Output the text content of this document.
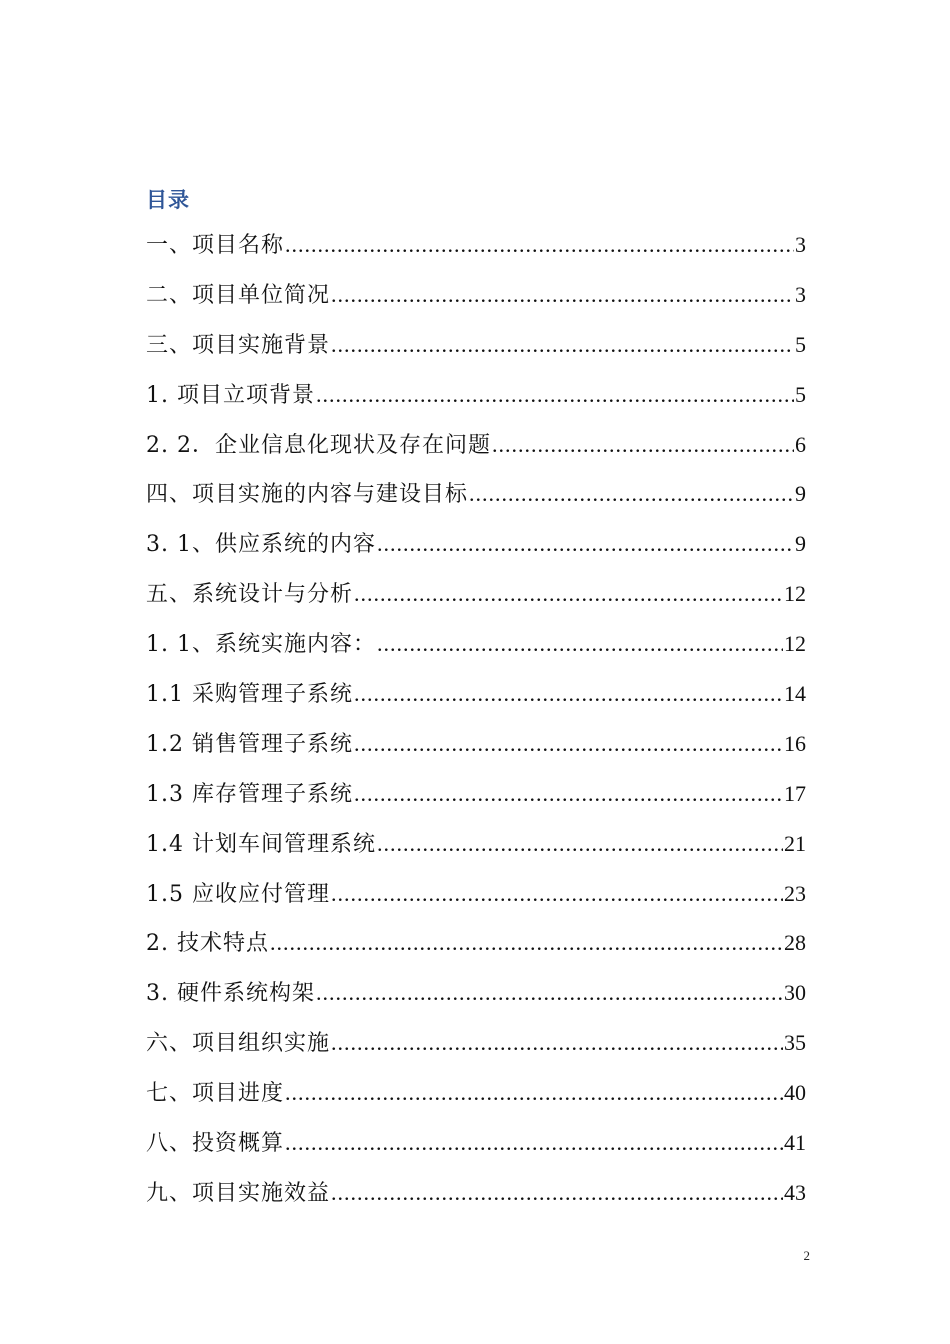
目录
一、项目名称 .....	3
二、项目单位简况 .....	3
三、项目实施背景 .....	5
1. 项目立项背景 .....	5
2. 2．企业信息化现状及存在问题 .....	6
四、项目实施的内容与建设目标 .....	9
3. 1、供应系统的内容 .....	9
五、系统设计与分析 .....	12
1. 1、系统实施内容： .....	12
1.1 采购管理子系统 .....	14
1.2 销售管理子系统 .....	16
1.3 库存管理子系统 .....	17
1.4 计划车间管理系统 .....	21
1.5 应收应付管理 .....	23
2. 技术特点 .....	28
3. 硬件系统构架 .....	30
六、项目组织实施 .....	35
七、项目进度 .....	40
八、投资概算 .....	41
九、项目实施效益 .....	43
2
